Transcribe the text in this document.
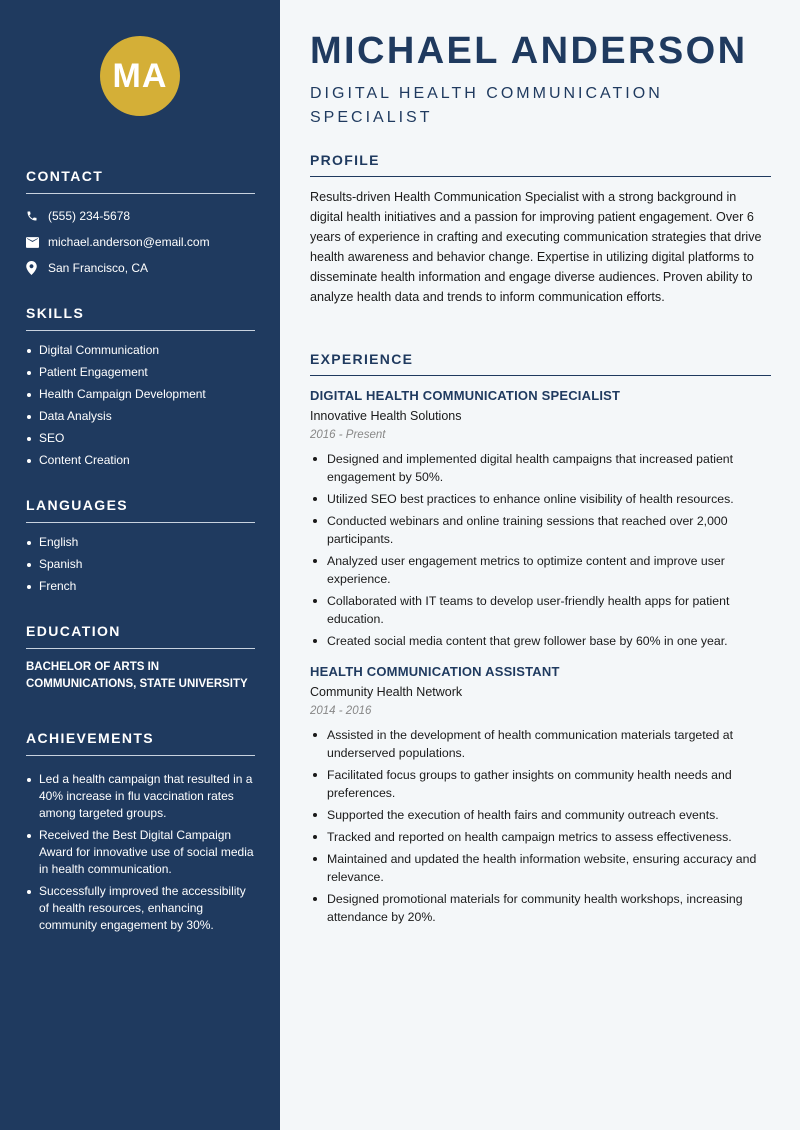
MA
CONTACT
(555) 234-5678
michael.anderson@email.com
San Francisco, CA
SKILLS
Digital Communication
Patient Engagement
Health Campaign Development
Data Analysis
SEO
Content Creation
LANGUAGES
English
Spanish
French
EDUCATION
BACHELOR OF ARTS IN COMMUNICATIONS, STATE UNIVERSITY
ACHIEVEMENTS
Led a health campaign that resulted in a 40% increase in flu vaccination rates among targeted groups.
Received the Best Digital Campaign Award for innovative use of social media in health communication.
Successfully improved the accessibility of health resources, enhancing community engagement by 30%.
MICHAEL ANDERSON
DIGITAL HEALTH COMMUNICATION SPECIALIST
PROFILE
Results-driven Health Communication Specialist with a strong background in digital health initiatives and a passion for improving patient engagement. Over 6 years of experience in crafting and executing communication strategies that drive health awareness and behavior change. Expertise in utilizing digital platforms to disseminate health information and engage diverse audiences. Proven ability to analyze health data and trends to inform communication efforts.
EXPERIENCE
DIGITAL HEALTH COMMUNICATION SPECIALIST
Innovative Health Solutions
2016 - Present
Designed and implemented digital health campaigns that increased patient engagement by 50%.
Utilized SEO best practices to enhance online visibility of health resources.
Conducted webinars and online training sessions that reached over 2,000 participants.
Analyzed user engagement metrics to optimize content and improve user experience.
Collaborated with IT teams to develop user-friendly health apps for patient education.
Created social media content that grew follower base by 60% in one year.
HEALTH COMMUNICATION ASSISTANT
Community Health Network
2014 - 2016
Assisted in the development of health communication materials targeted at underserved populations.
Facilitated focus groups to gather insights on community health needs and preferences.
Supported the execution of health fairs and community outreach events.
Tracked and reported on health campaign metrics to assess effectiveness.
Maintained and updated the health information website, ensuring accuracy and relevance.
Designed promotional materials for community health workshops, increasing attendance by 20%.
